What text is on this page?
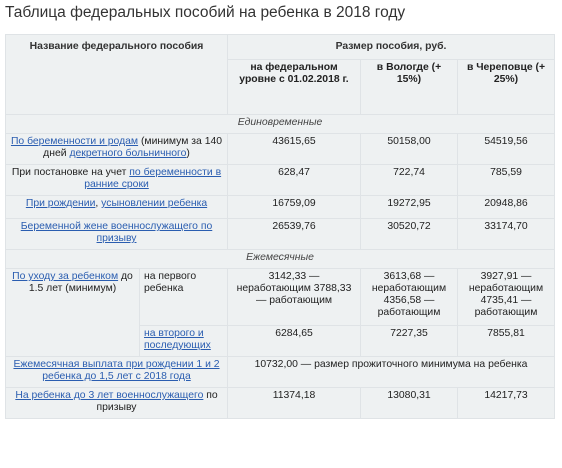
Таблица федеральных пособий на ребенка в 2018 году
Название федерального пособия		Размер пособия, руб.		
		на федеральном уровне с 01.02.2018 г.	в Вологде (+ 15%)	в Череповце (+ 25%)
Единовременные				
По беременности и родам (минимум за 140 дней декретного больничного)		43615,65	50158,00	54519,56
При постановке на учет по беременности в ранние сроки		628,47	722,74	785,59
При рождении, усыновлении ребенка		16759,09	19272,95	20948,86
Беременной жене военнослужащего по призыву		26539,76	30520,72	33174,70
Ежемесячные				
По уходу за ребенком до 1.5 лет (минимум)	на первого ребенка	3142,33 — неработающим 3788,33 — работающим	3613,68 — неработающим 4356,58 — работающим	3927,91 — неработающим 4735,41 — работающим
	на второго и последующих	6284,65	7227,35	7855,81
Ежемесячная выплата при рождении 1 и 2 ребенка до 1,5 лет с 2018 года		10732,00 — размер прожиточного минимума на ребенка		
На ребенка до 3 лет военнослужащего по призыву		11374,18	13080,31	14217,73
